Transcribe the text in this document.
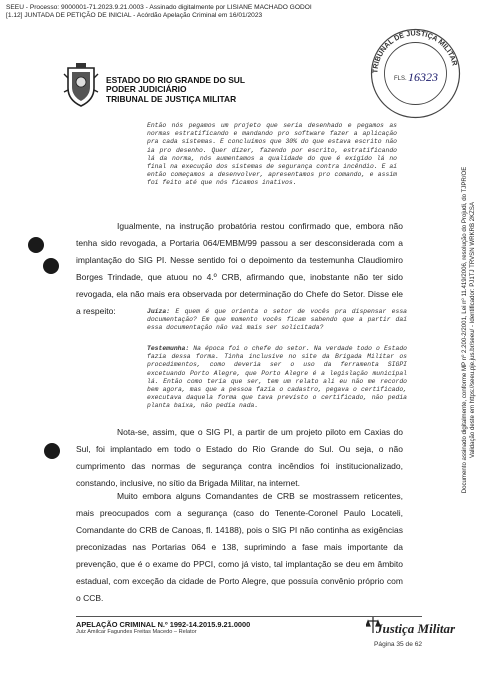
SEEU - Processo: 9000001-71.2023.9.21.0003 - Assinado digitalmente por LISIANE MACHADO GODOI
[1.12] JUNTADA DE PETIÇÃO DE INICIAL - Acórdão Apelação Criminal em 16/01/2023
Documento assinado digitalmente, conforme MP nº 2.200-2/2001, Lei nº 11.419/2006, resolução do Projudi, do TJPR/OE Validação deste em https://seeu.pje.jus.br/seeu/ - Identificador: PJ1TJ TRVSN WRKRB 2KZSA
ESTADO DO RIO GRANDE DO SUL
PODER JUDICIÁRIO
TRIBUNAL DE JUSTIÇA MILITAR
TRIBUNAL DE JUSTIÇA MILITAR
FLS. 16323
Então nós pegamos um projeto que seria desenhado e pegamos as normas estratificando e mandando pro software fazer a aplicação pra cada sistemas. E concluímos que 30% do que estava escrito não ia pro desenho. Quer dizer, fazendo por escrito, estratificando lá da norma, nós aumentamos a qualidade do que é exigido lá no final na execução dos sistemas de segurança contra incêndio. E aí então começamos a desenvolver, apresentamos pro comando, e assim foi feito até que nós ficamos inativos.
Igualmente, na instrução probatória restou confirmado que, embora não tenha sido revogada, a Portaria 064/EMBM/99 passou a ser desconsiderada com a implantação do SIG PI. Nesse sentido foi o depoimento da testemunha Claudiomiro Borges Trindade, que atuou no 4.º CRB, afirmando que, inobstante não ter sido revogada, ela não mais era observada por determinação do Chefe do Setor. Disse ele a respeito:	Juíza: E quem é que orienta o setor de vocês pra dispensar essa documentação? Em que momento vocês ficam sabendo que a partir daí essa documentação não vai mais ser solicitada?
Testemunha: Na época foi o chefe do setor. Na verdade todo o Estado fazia dessa forma. Tinha inclusive no site da Brigada Militar os procedimentos, como deveria ser o uso da ferramenta SIGPI excetuando Porto Alegre, que Porto Alegre é a legislação municipal lá. Então como teria que ser, tem um relato ali eu não me recordo bem agora, mas que a pessoa fazia o cadastro, pegava o certificado, executava daquela forma que tava previsto o certificado, não pedia planta baixa, não pedia nada.
Nota-se, assim, que o SIG PI, a partir de um projeto piloto em Caxias do Sul, foi implantado em todo o Estado do Rio Grande do Sul. Ou seja, o não cumprimento das normas de segurança contra incêndios foi institucionalizado, constando, inclusive, no sítio da Brigada Militar, na internet.
Muito embora alguns Comandantes de CRB se mostrassem reticentes, mais preocupados com a segurança (caso do Tenente-Coronel Paulo Locateli, Comandante do CRB de Canoas, fl. 14188), pois o SIG PI não continha as exigências preconizadas nas Portarias 064 e 138, suprimindo a fase mais importante da prevenção, que é o exame do PPCI, como já visto, tal implantação se deu em âmbito estadual, com exceção da cidade de Porto Alegre, que possuía convênio próprio com o CCB.
APELAÇÃO CRIMINAL N.º 1992-14.2015.9.21.0000
Juiz Amilcar Fagundes Freitas Macedo – Relator	Justiça Militar
Página 35 de 62
